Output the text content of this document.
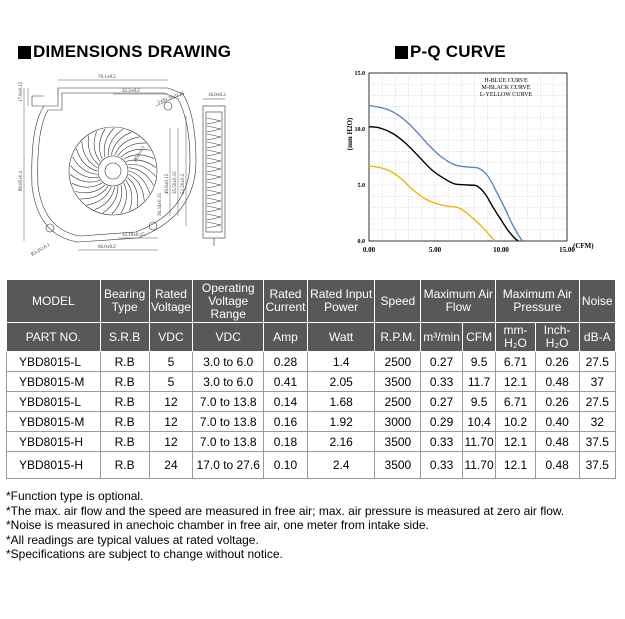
DIMENSIONS DRAWING	P-Q CURVE
17.8±0.15
70.1±0.2
32.2±0.2
3-Ø3.25±0.15	16.0±0.2
80.85±0.2
Ø50±0.1
49.6±0.15 35.50±0.15 52.20±0.2
36.34±0.15
32.19±0.15
66.0±0.2
R3.25±0.1	0.00	5.00	10.00	15.00
0.0
5.0
10.0
15.0
(mm H2O)
(CFM)
H-BLUE CURVE
M-BLACK CURVE
L-YELLOW CURVE
MODEL	Bearing Type	Rated Voltage	Operating Voltage Range	Rated Current	Rated Input Power	Speed	Maximum Air Flow		Maximum Air Pressure		Noise
PART NO.	S.R.B	VDC	VDC	Amp	Watt	R.P.M.	m³/min	CFM	mm-H₂O	Inch-H₂O	dB-A
YBD8015-L	R.B	5	3.0 to 6.0	0.28	1.4	2500	0.27	9.5	6.71	0.26	27.5
YBD8015-M	R.B	5	3.0 to 6.0	0.41	2.05	3500	0.33	11.7	12.1	0.48	37
YBD8015-L	R.B	12	7.0 to 13.8	0.14	1.68	2500	0.27	9.5	6.71	0.26	27.5
YBD8015-M	R.B	12	7.0 to 13.8	0.16	1.92	3000	0.29	10.4	10.2	0.40	32
YBD8015-H	R.B	12	7.0 to 13.8	0.18	2.16	3500	0.33	11.70	12.1	0.48	37.5
YBD8015-H	R.B	24	17.0 to 27.6	0.10	2.4	3500	0.33	11.70	12.1	0.48	37.5
*Function type is optional.
*The max. air flow and the speed are measured in free air; max. air pressure is measured at zero air flow.
*Noise is measured in anechoic chamber in free air, one meter from intake side.
*All readings are typical values at rated voltage.
*Specifications are subject to change without notice.
